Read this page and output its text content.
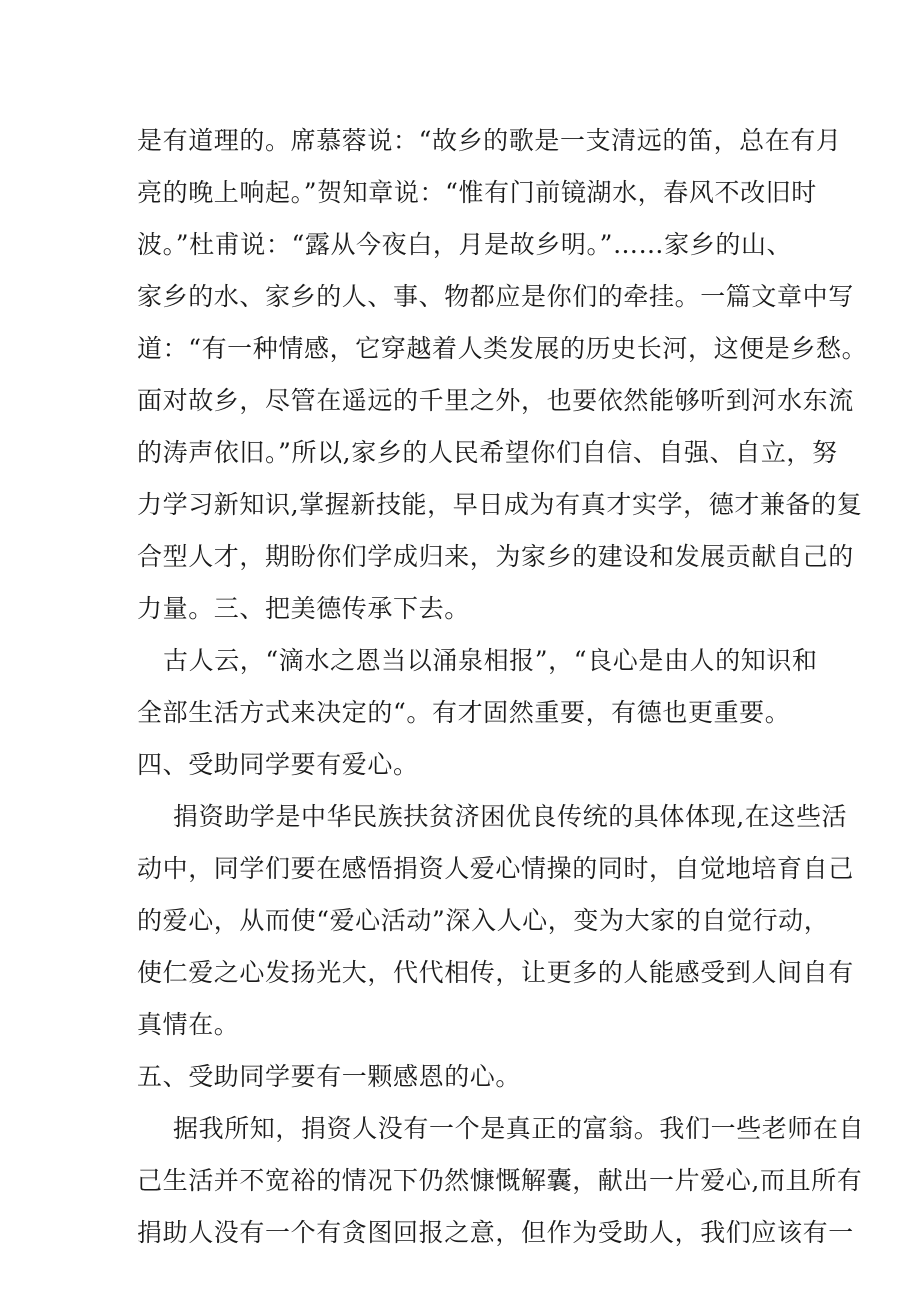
是有道理的。席慕蓉说：“故乡的歌是一支清远的笛，总在有月
亮的晚上响起。”贺知章说：“惟有门前镜湖水，春风不改旧时
波。”杜甫说：“露从今夜白，月是故乡明。”……家乡的山、
家乡的水、家乡的人、事、物都应是你们的牵挂。一篇文章中写
道：“有一种情感，它穿越着人类发展的历史长河，这便是乡愁。
面对故乡，尽管在遥远的千里之外，也要依然能够听到河水东流
的涛声依旧。”所以,家乡的人民希望你们自信、自强、自立，努
力学习新知识,掌握新技能，早日成为有真才实学，德才兼备的复
合型人才，期盼你们学成归来，为家乡的建设和发展贡献自己的
力量。三、把美德传承下去。
古人云，“滴水之恩当以涌泉相报”，“良心是由人的知识和
全部生活方式来决定的“。有才固然重要，有德也更重要。
四、受助同学要有爱心。
捐资助学是中华民族扶贫济困优良传统的具体体现,在这些活
动中，同学们要在感悟捐资人爱心情操的同时，自觉地培育自己
的爱心，从而使“爱心活动”深入人心，变为大家的自觉行动，
使仁爱之心发扬光大，代代相传，让更多的人能感受到人间自有
真情在。
五、受助同学要有一颗感恩的心。
据我所知，捐资人没有一个是真正的富翁。我们一些老师在自
己生活并不宽裕的情况下仍然慷慨解囊，献出一片爱心,而且所有
捐助人没有一个有贪图回报之意，但作为受助人，我们应该有一
